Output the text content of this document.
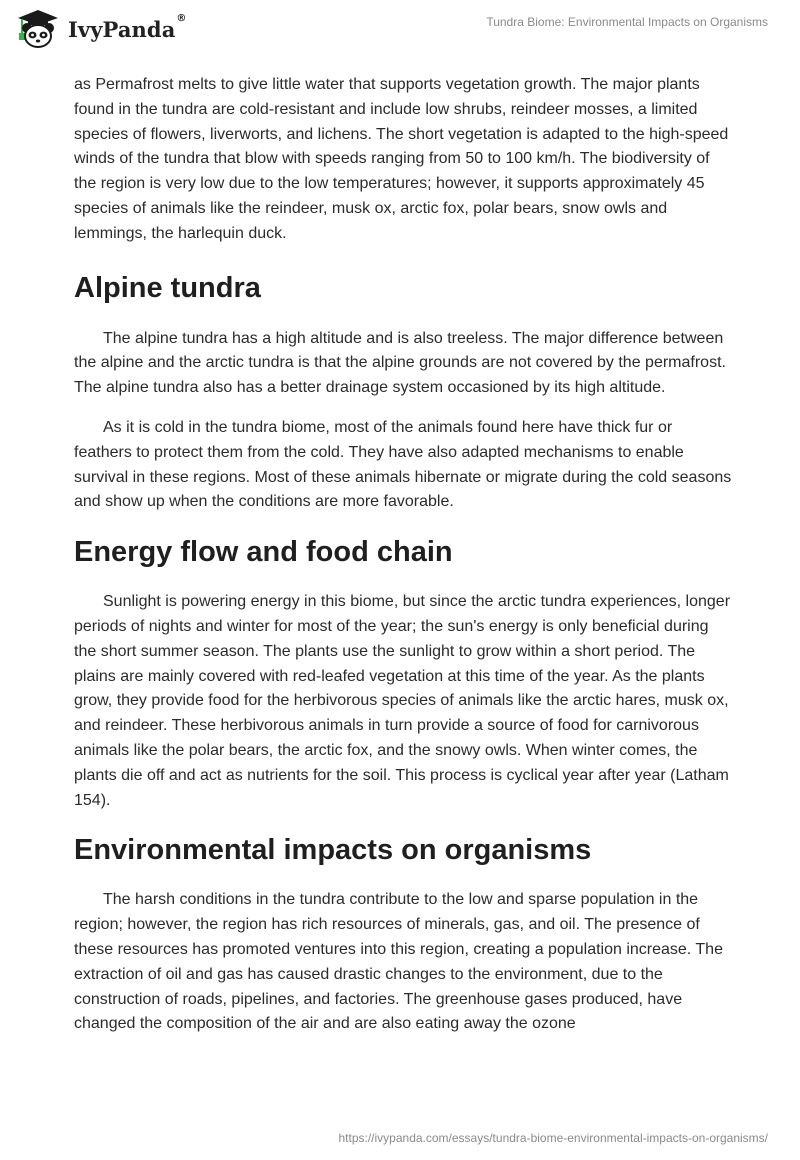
IvyPanda®	Tundra Biome: Environmental Impacts on Organisms

as Permafrost melts to give little water that supports vegetation growth. The major plants found in the tundra are cold-resistant and include low shrubs, reindeer mosses, a limited species of flowers, liverworts, and lichens. The short vegetation is adapted to the high-speed winds of the tundra that blow with speeds ranging from 50 to 100 km/h. The biodiversity of the region is very low due to the low temperatures; however, it supports approximately 45 species of animals like the reindeer, musk ox, arctic fox, polar bears, snow owls and lemmings, the harlequin duck.

Alpine tundra

The alpine tundra has a high altitude and is also treeless. The major difference between the alpine and the arctic tundra is that the alpine grounds are not covered by the permafrost. The alpine tundra also has a better drainage system occasioned by its high altitude.

As it is cold in the tundra biome, most of the animals found here have thick fur or feathers to protect them from the cold. They have also adapted mechanisms to enable survival in these regions. Most of these animals hibernate or migrate during the cold seasons and show up when the conditions are more favorable.

Energy flow and food chain

Sunlight is powering energy in this biome, but since the arctic tundra experiences, longer periods of nights and winter for most of the year; the sun's energy is only beneficial during the short summer season. The plants use the sunlight to grow within a short period. The plains are mainly covered with red-leafed vegetation at this time of the year. As the plants grow, they provide food for the herbivorous species of animals like the arctic hares, musk ox, and reindeer. These herbivorous animals in turn provide a source of food for carnivorous animals like the polar bears, the arctic fox, and the snowy owls. When winter comes, the plants die off and act as nutrients for the soil. This process is cyclical year after year (Latham 154).

Environmental impacts on organisms

The harsh conditions in the tundra contribute to the low and sparse population in the region; however, the region has rich resources of minerals, gas, and oil. The presence of these resources has promoted ventures into this region, creating a population increase. The extraction of oil and gas has caused drastic changes to the environment, due to the construction of roads, pipelines, and factories. The greenhouse gases produced, have changed the composition of the air and are also eating away the ozone

https://ivypanda.com/essays/tundra-biome-environmental-impacts-on-organisms/
